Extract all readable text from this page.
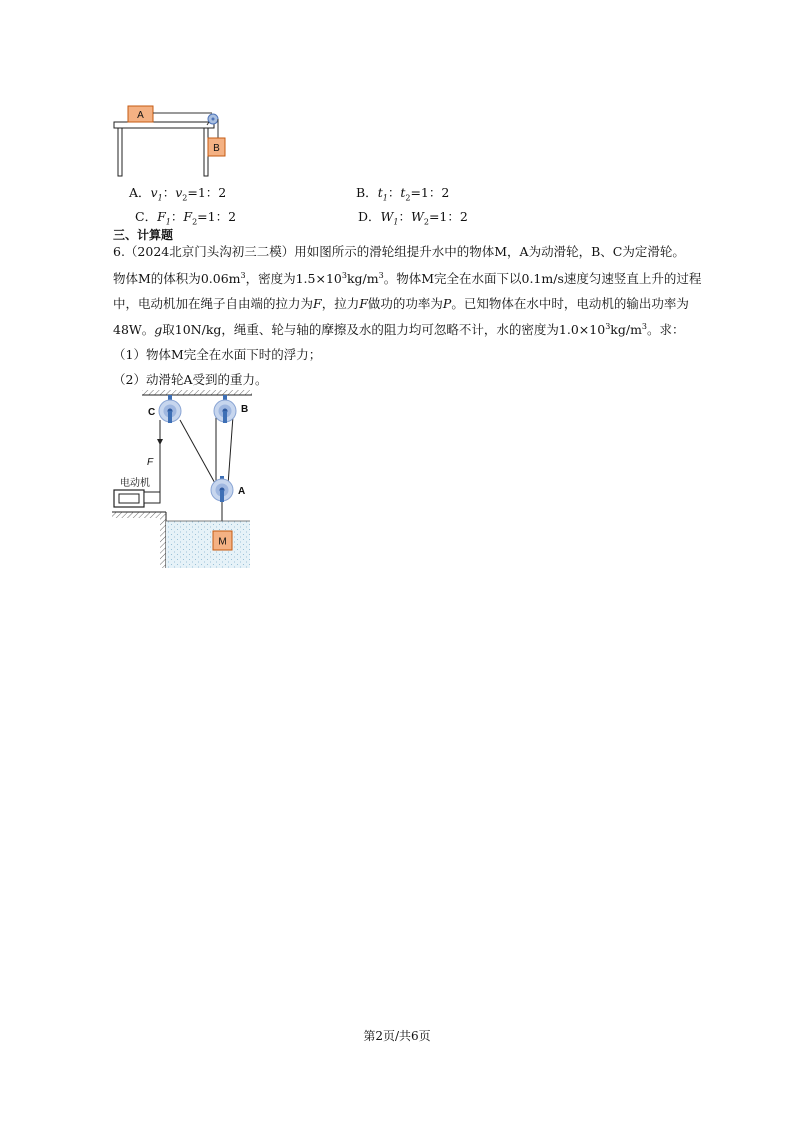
A
B
A．$v_1$：$v_2=1$：2	B．$t_1$：$t_2=1$：2
C．$F_1$：$F_2=1$：2	D．$W_1$：$W_2=1$：2
三、计算题
6.（2024北京门头沟初三二模）用如图所示的滑轮组提升水中的物体M，A为动滑轮，B、C为定滑轮。
物体M的体积为$0.06m^3$，密度为$1.5\times 10^3kg/m^3$。物体M完全在水面下以0.1m/s速度匀速竖直上升的过程
中，电动机加在绳子自由端的拉力为F，拉力F做功的功率为P。已知物体在水中时，电动机的输出功率为
48W。g取10N/kg，绳重、轮与轴的摩擦及水的阻力均可忽略不计，水的密度为$1.0\times 10^3kg/m^3$。求：
（1）物体M完全在水面下时的浮力；
（2）动滑轮A受到的重力。
C	B
A
F
电动机
M
第2页/共6页
